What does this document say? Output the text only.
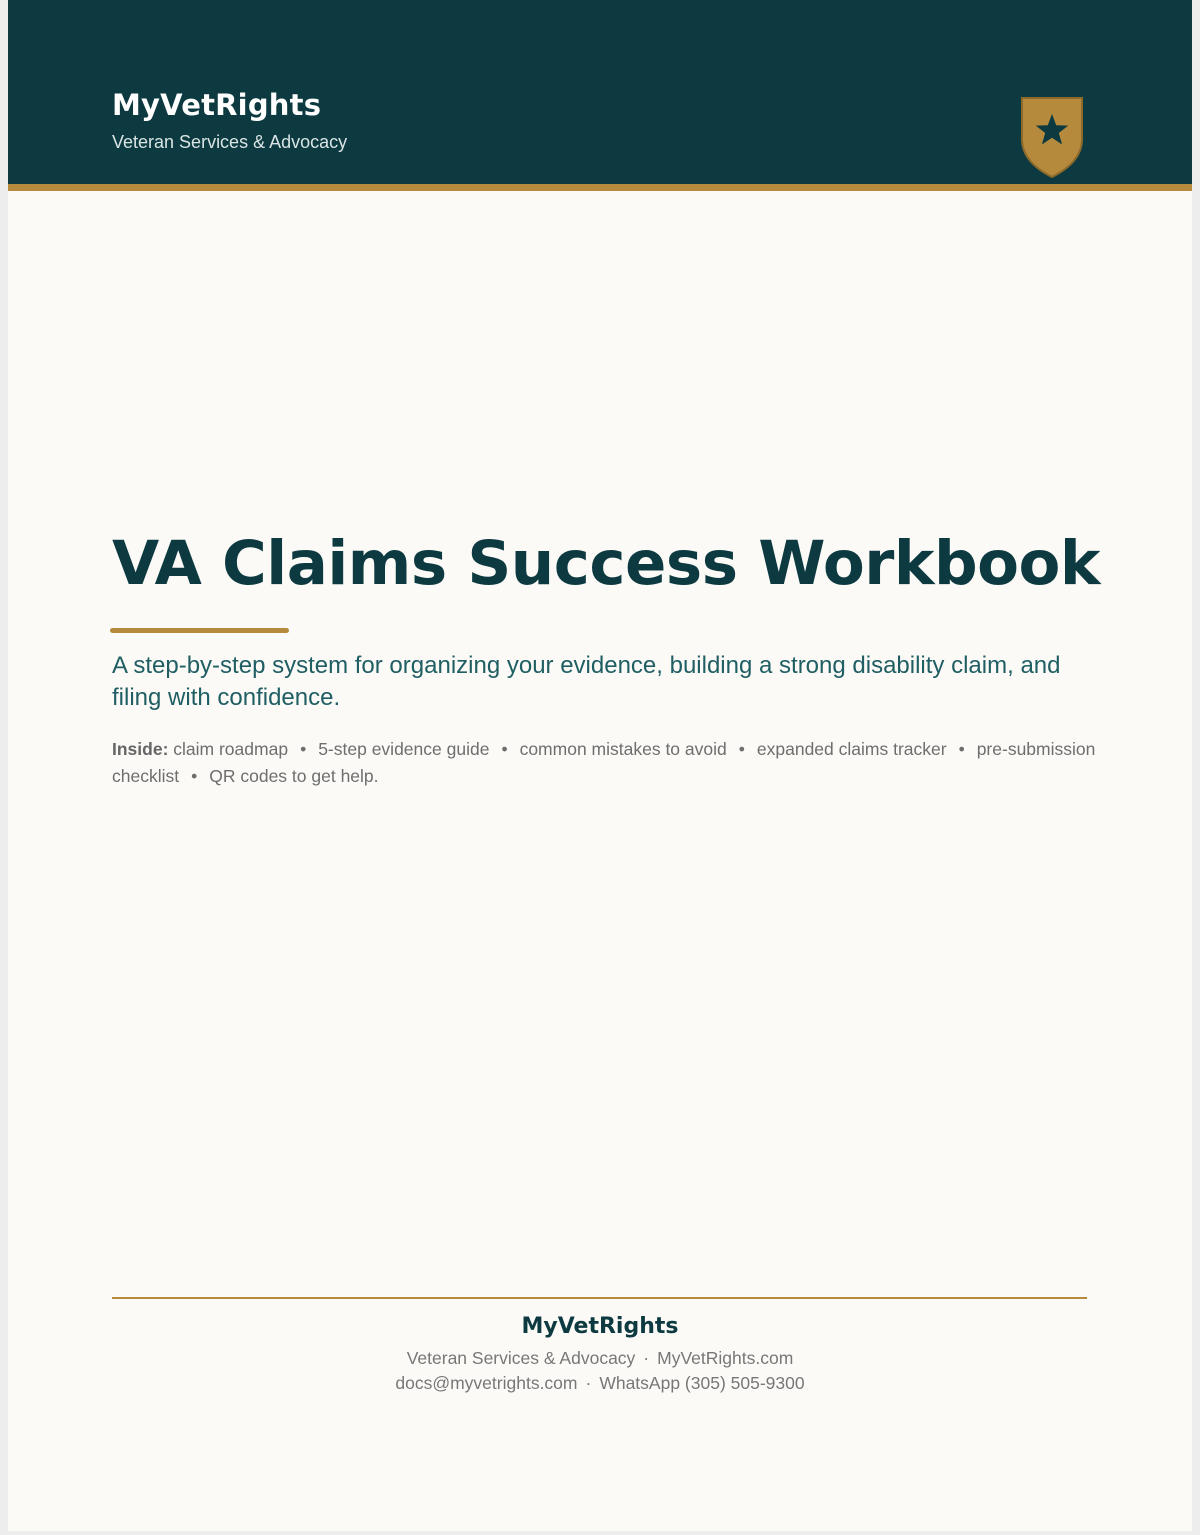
MyVetRights
Veteran Services & Advocacy
VA Claims Success Workbook

A step-by-step system for organizing your evidence, building a strong disability claim, and filing with confidence.

Inside: claim roadmap • 5-step evidence guide • common mistakes to avoid • expanded claims tracker • pre-submission checklist • QR codes to get help.

MyVetRights
Veteran Services & Advocacy · MyVetRights.com
docs@myvetrights.com · WhatsApp (305) 505-9300
